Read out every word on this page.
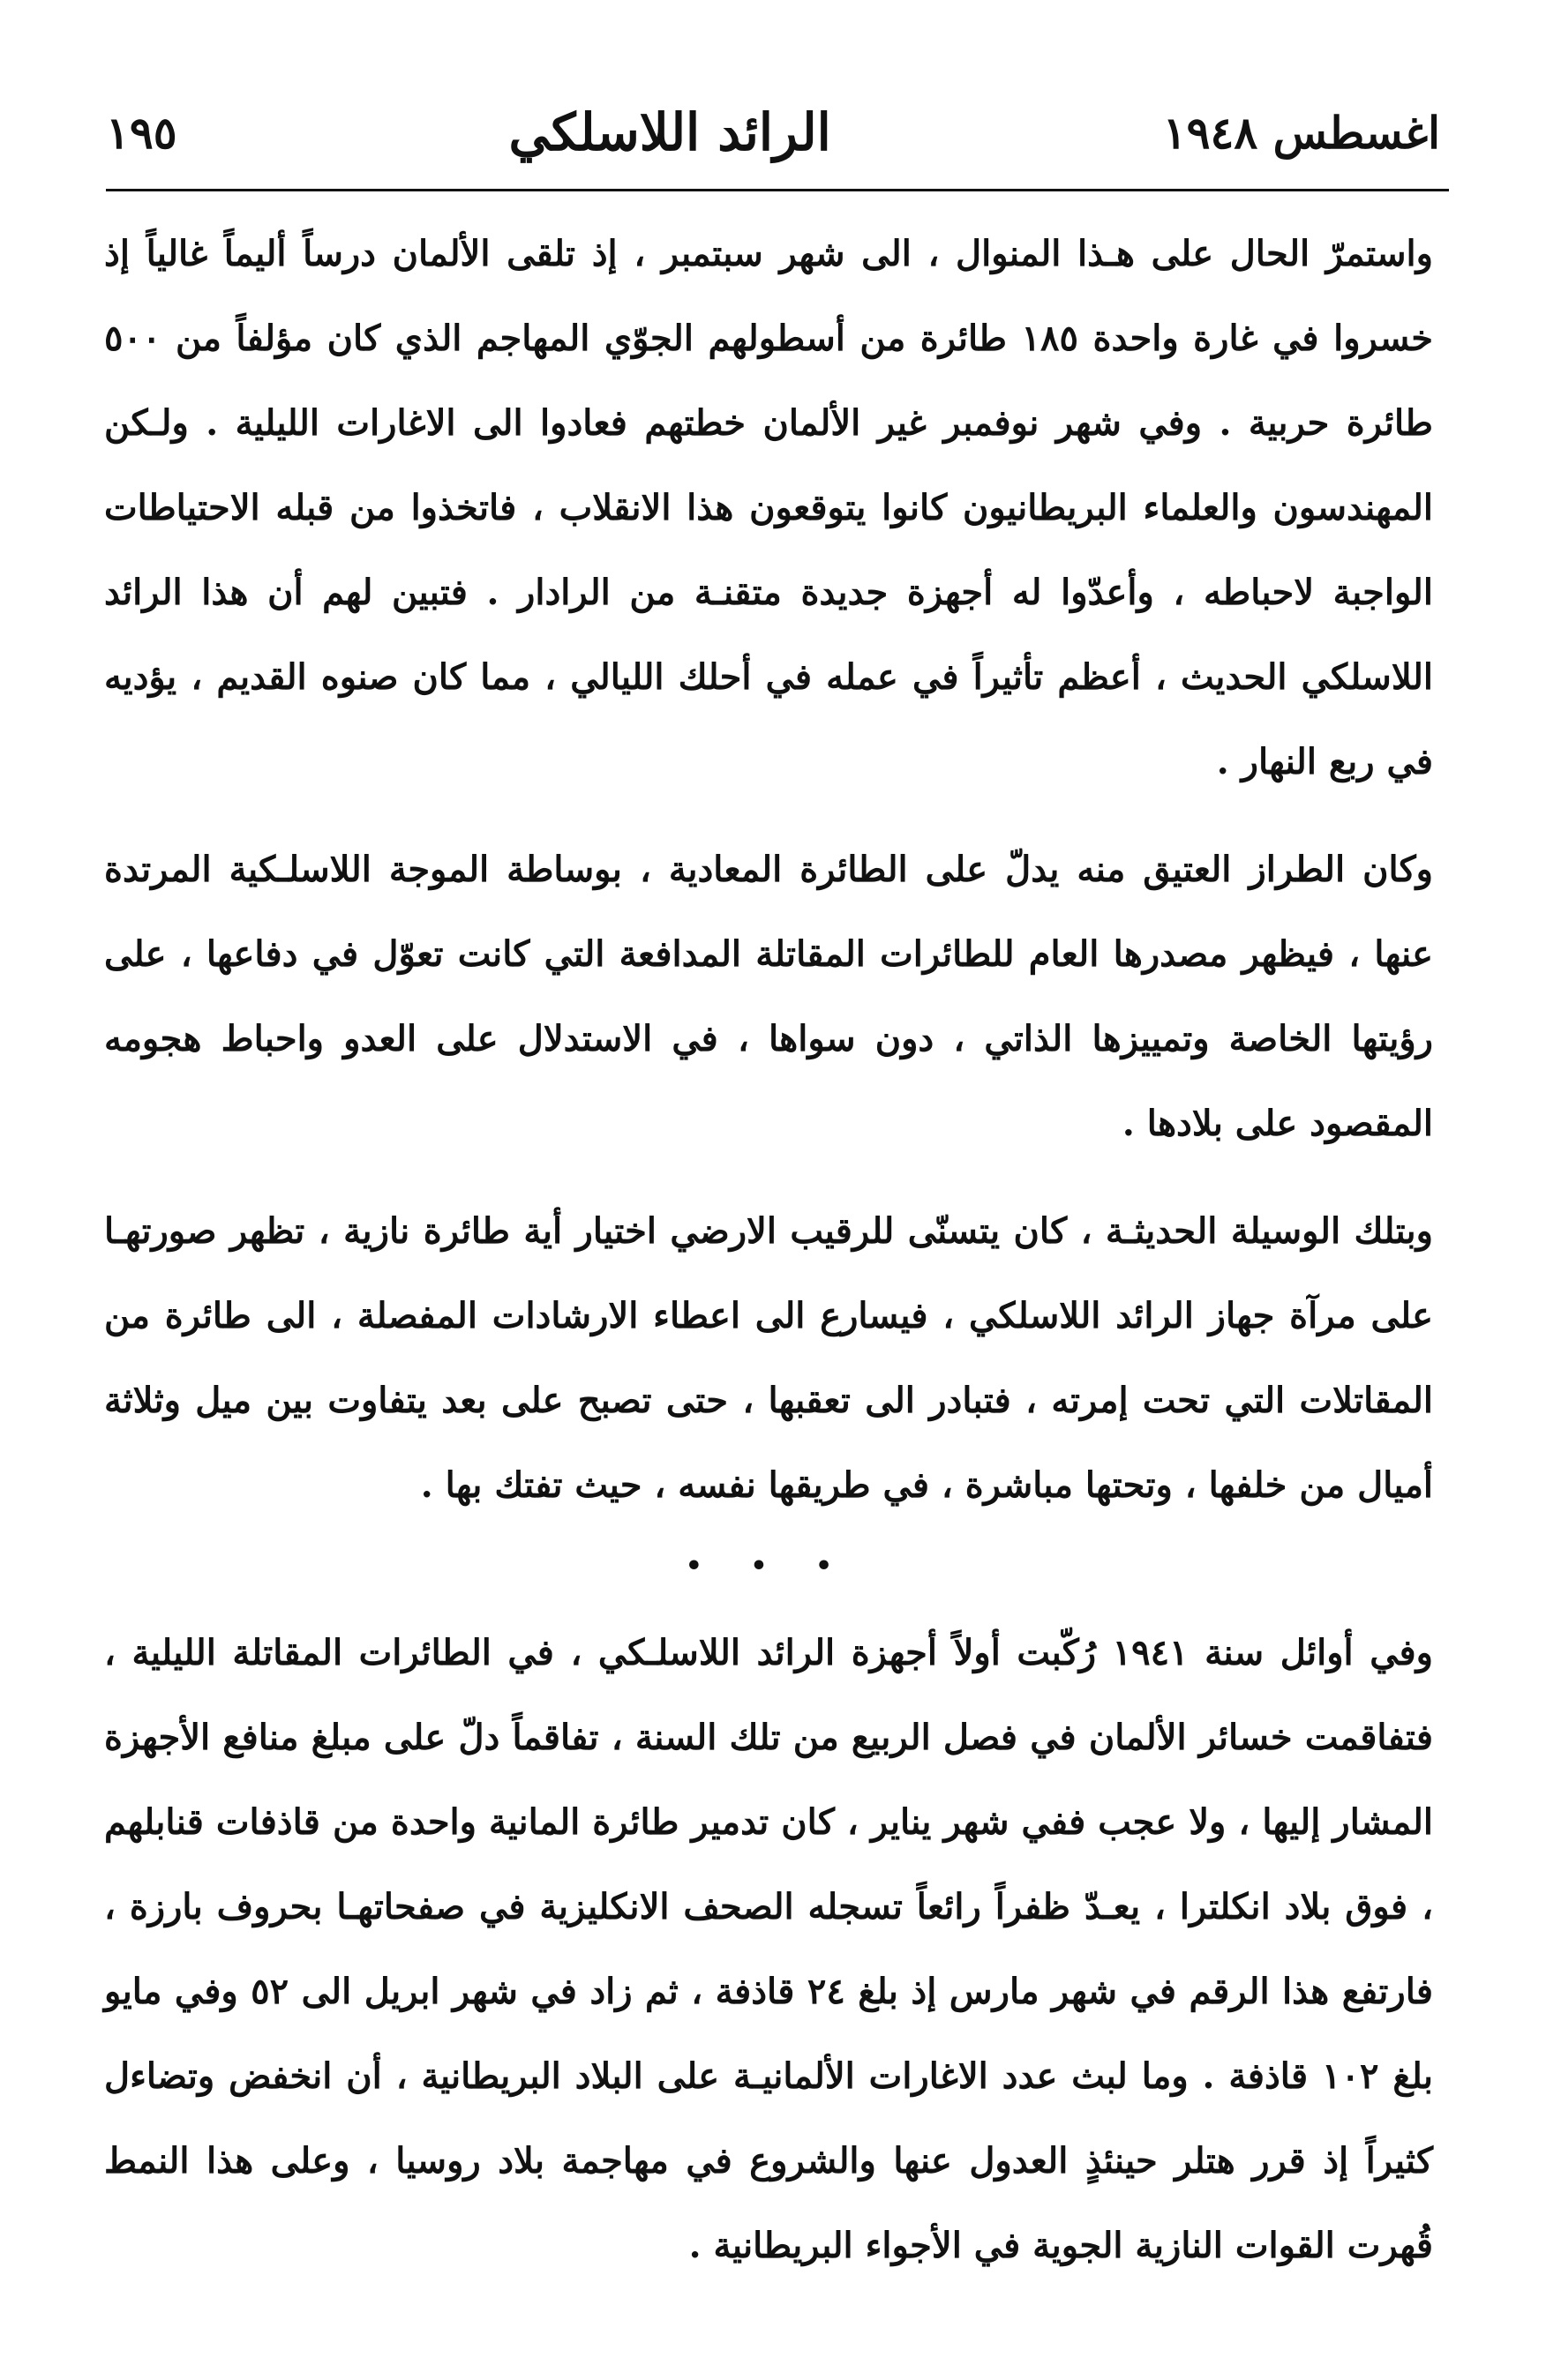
اغسطس ١٩٤٨
الرائد اللاسلكي
١٩٥

واستمرّ الحال على هـذا المنوال ، الى شهر سبتمبر ، إذ تلقى الألمان درساً أليماً غالياً إذ خسروا في غارة واحدة ١٨٥ طائرة من أسطولهم الجوّي المهاجم الذي كان مؤلفاً من ٥٠٠ طائرة حربية . وفي شهر نوفمبر غير الألمان خطتهم فعادوا الى الاغارات الليلية . ولـكن المهندسون والعلماء البريطانيون كانوا يتوقعون هذا الانقلاب ، فاتخذوا من قبله الاحتياطات الواجبة لاحباطه ، وأعدّوا له أجهزة جديدة متقنـة من الرادار . فتبين لهم أن هذا الرائد اللاسلكي الحديث ، أعظم تأثيراً في عمله في أحلك الليالي ، مما كان صنوه القديم ، يؤديه في ربع النهار .

وكان الطراز العتيق منه يدلّ على الطائرة المعادية ، بوساطة الموجة اللاسلـكية المرتدة عنها ، فيظهر مصدرها العام للطائرات المقاتلة المدافعة التي كانت تعوّل في دفاعها ، على رؤيتها الخاصة وتمييزها الذاتي ، دون سواها ، في الاستدلال على العدو واحباط هجومه المقصود على بلادها .

وبتلك الوسيلة الحديثـة ، كان يتسنّى للرقيب الارضي اختيار أية طائرة نازية ، تظهر صورتهـا على مرآة جهاز الرائد اللاسلكي ، فيسارع الى اعطاء الارشادات المفصلة ، الى طائرة من المقاتلات التي تحت إمرته ، فتبادر الى تعقبها ، حتى تصبح على بعد يتفاوت بين ميل وثلاثة أميال من خلفها ، وتحتها مباشرة ، في طريقها نفسه ، حيث تفتك بها .

• • •

وفي أوائل سنة ١٩٤١ رُكّبت أولاً أجهزة الرائد اللاسلـكي ، في الطائرات المقاتلة الليلية ، فتفاقمت خسائر الألمان في فصل الربيع من تلك السنة ، تفاقماً دلّ على مبلغ منافع الأجهزة المشار إليها ، ولا عجب ففي شهر يناير ، كان تدمير طائرة المانية واحدة من قاذفات قنابلهم ، فوق بلاد انكلترا ، يعـدّ ظفراً رائعاً تسجله الصحف الانكليزية في صفحاتهـا بحروف بارزة ، فارتفع هذا الرقم في شهر مارس إذ بلغ ٢٤ قاذفة ، ثم زاد في شهر ابريل الى ٥٢ وفي مايو بلغ ١٠٢ قاذفة . وما لبث عدد الاغارات الألمانيـة على البلاد البريطانية ، أن انخفض وتضاءل كثيراً إذ قرر هتلر حينئذٍ العدول عنها والشروع في مهاجمة بلاد روسيا ، وعلى هذا النمط قُهرت القوات النازية الجوية في الأجواء البريطانية .
